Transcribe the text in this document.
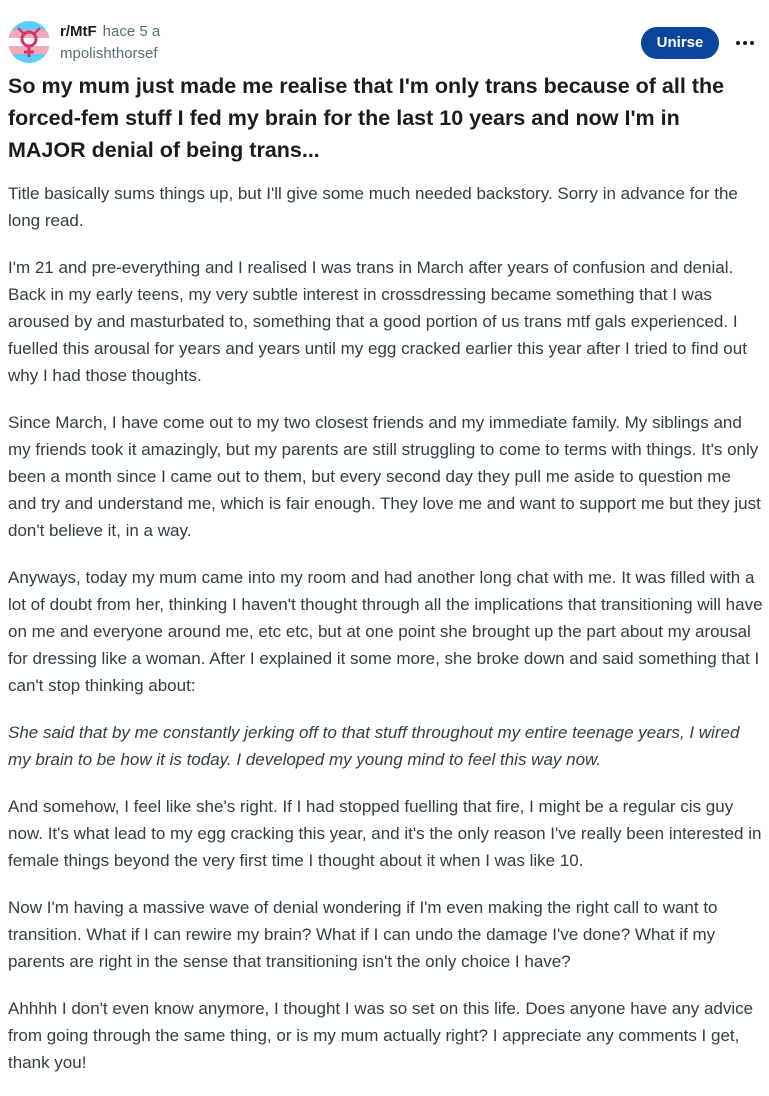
r/MtF hace 5 a
mpolishthorsef
Unirse
So my mum just made me realise that I'm only trans because of all the forced-fem stuff I fed my brain for the last 10 years and now I'm in MAJOR denial of being trans...

Title basically sums things up, but I'll give some much needed backstory. Sorry in advance for the long read.

I'm 21 and pre-everything and I realised I was trans in March after years of confusion and denial. Back in my early teens, my very subtle interest in crossdressing became something that I was aroused by and masturbated to, something that a good portion of us trans mtf gals experienced. I fuelled this arousal for years and years until my egg cracked earlier this year after I tried to find out why I had those thoughts.

Since March, I have come out to my two closest friends and my immediate family. My siblings and my friends took it amazingly, but my parents are still struggling to come to terms with things. It's only been a month since I came out to them, but every second day they pull me aside to question me and try and understand me, which is fair enough. They love me and want to support me but they just don't believe it, in a way.

Anyways, today my mum came into my room and had another long chat with me. It was filled with a lot of doubt from her, thinking I haven't thought through all the implications that transitioning will have on me and everyone around me, etc etc, but at one point she brought up the part about my arousal for dressing like a woman. After I explained it some more, she broke down and said something that I can't stop thinking about:

She said that by me constantly jerking off to that stuff throughout my entire teenage years, I wired my brain to be how it is today. I developed my young mind to feel this way now.

And somehow, I feel like she's right. If I had stopped fuelling that fire, I might be a regular cis guy now. It's what lead to my egg cracking this year, and it's the only reason I've really been interested in female things beyond the very first time I thought about it when I was like 10.

Now I'm having a massive wave of denial wondering if I'm even making the right call to want to transition. What if I can rewire my brain? What if I can undo the damage I've done? What if my parents are right in the sense that transitioning isn't the only choice I have?

Ahhhh I don't even know anymore, I thought I was so set on this life. Does anyone have any advice from going through the same thing, or is my mum actually right? I appreciate any comments I get, thank you!
